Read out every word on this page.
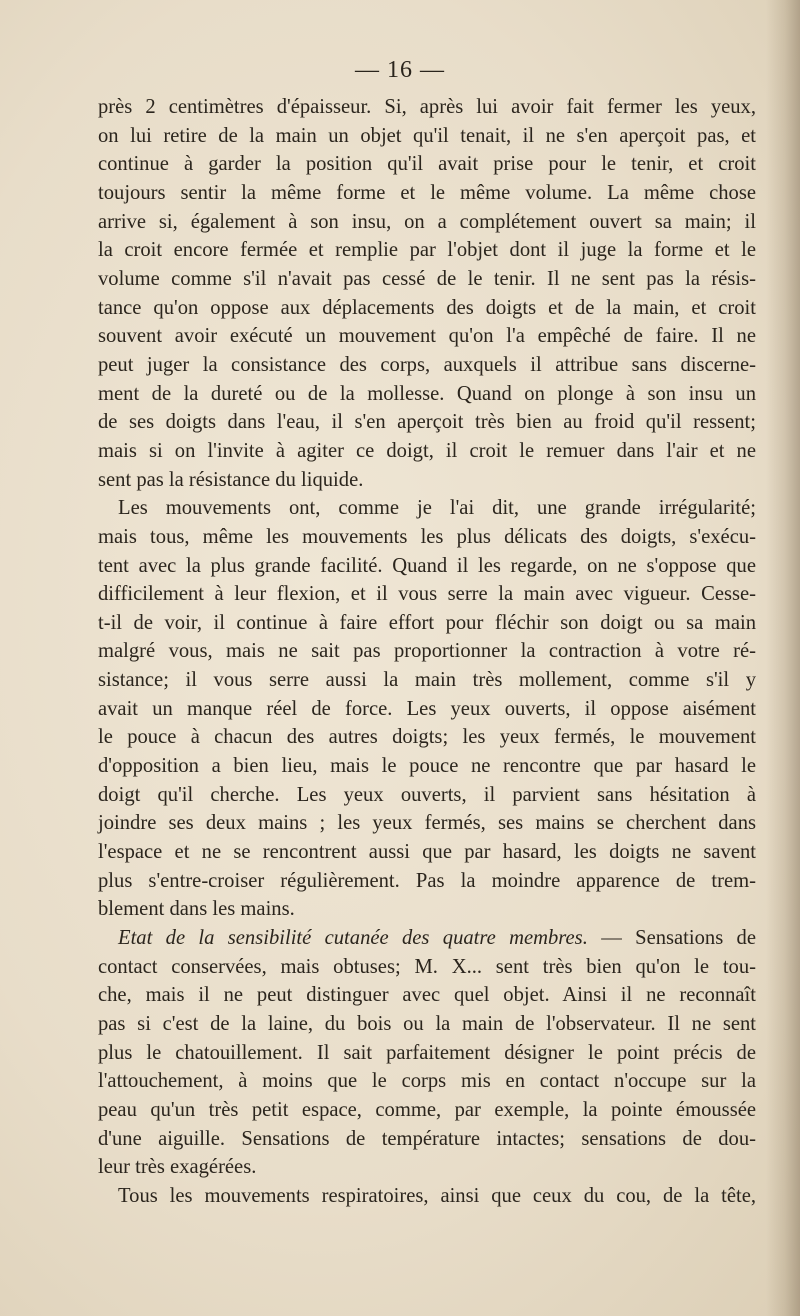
— 16 —
près 2 centimètres d'épaisseur. Si, après lui avoir fait fermer les yeux,
on lui retire de la main un objet qu'il tenait, il ne s'en aperçoit pas, et
continue à garder la position qu'il avait prise pour le tenir, et croit
toujours sentir la même forme et le même volume. La même chose
arrive si, également à son insu, on a complétement ouvert sa main; il
la croit encore fermée et remplie par l'objet dont il juge la forme et le
volume comme s'il n'avait pas cessé de le tenir. Il ne sent pas la résis-
tance qu'on oppose aux déplacements des doigts et de la main, et croit
souvent avoir exécuté un mouvement qu'on l'a empêché de faire. Il ne
peut juger la consistance des corps, auxquels il attribue sans discerne-
ment de la dureté ou de la mollesse. Quand on plonge à son insu un
de ses doigts dans l'eau, il s'en aperçoit très bien au froid qu'il ressent;
mais si on l'invite à agiter ce doigt, il croit le remuer dans l'air et ne
sent pas la résistance du liquide.
Les mouvements ont, comme je l'ai dit, une grande irrégularité;
mais tous, même les mouvements les plus délicats des doigts, s'exécu-
tent avec la plus grande facilité. Quand il les regarde, on ne s'oppose que
difficilement à leur flexion, et il vous serre la main avec vigueur. Cesse-
t-il de voir, il continue à faire effort pour fléchir son doigt ou sa main
malgré vous, mais ne sait pas proportionner la contraction à votre ré-
sistance; il vous serre aussi la main très mollement, comme s'il y
avait un manque réel de force. Les yeux ouverts, il oppose aisément
le pouce à chacun des autres doigts; les yeux fermés, le mouvement
d'opposition a bien lieu, mais le pouce ne rencontre que par hasard le
doigt qu'il cherche. Les yeux ouverts, il parvient sans hésitation à
joindre ses deux mains ; les yeux fermés, ses mains se cherchent dans
l'espace et ne se rencontrent aussi que par hasard, les doigts ne savent
plus s'entre-croiser régulièrement. Pas la moindre apparence de trem-
blement dans les mains.
Etat de la sensibilité cutanée des quatre membres. — Sensations de
contact conservées, mais obtuses; M. X... sent très bien qu'on le tou-
che, mais il ne peut distinguer avec quel objet. Ainsi il ne reconnaît
pas si c'est de la laine, du bois ou la main de l'observateur. Il ne sent
plus le chatouillement. Il sait parfaitement désigner le point précis de
l'attouchement, à moins que le corps mis en contact n'occupe sur la
peau qu'un très petit espace, comme, par exemple, la pointe émoussée
d'une aiguille. Sensations de température intactes; sensations de dou-
leur très exagérées.
Tous les mouvements respiratoires, ainsi que ceux du cou, de la tête,
